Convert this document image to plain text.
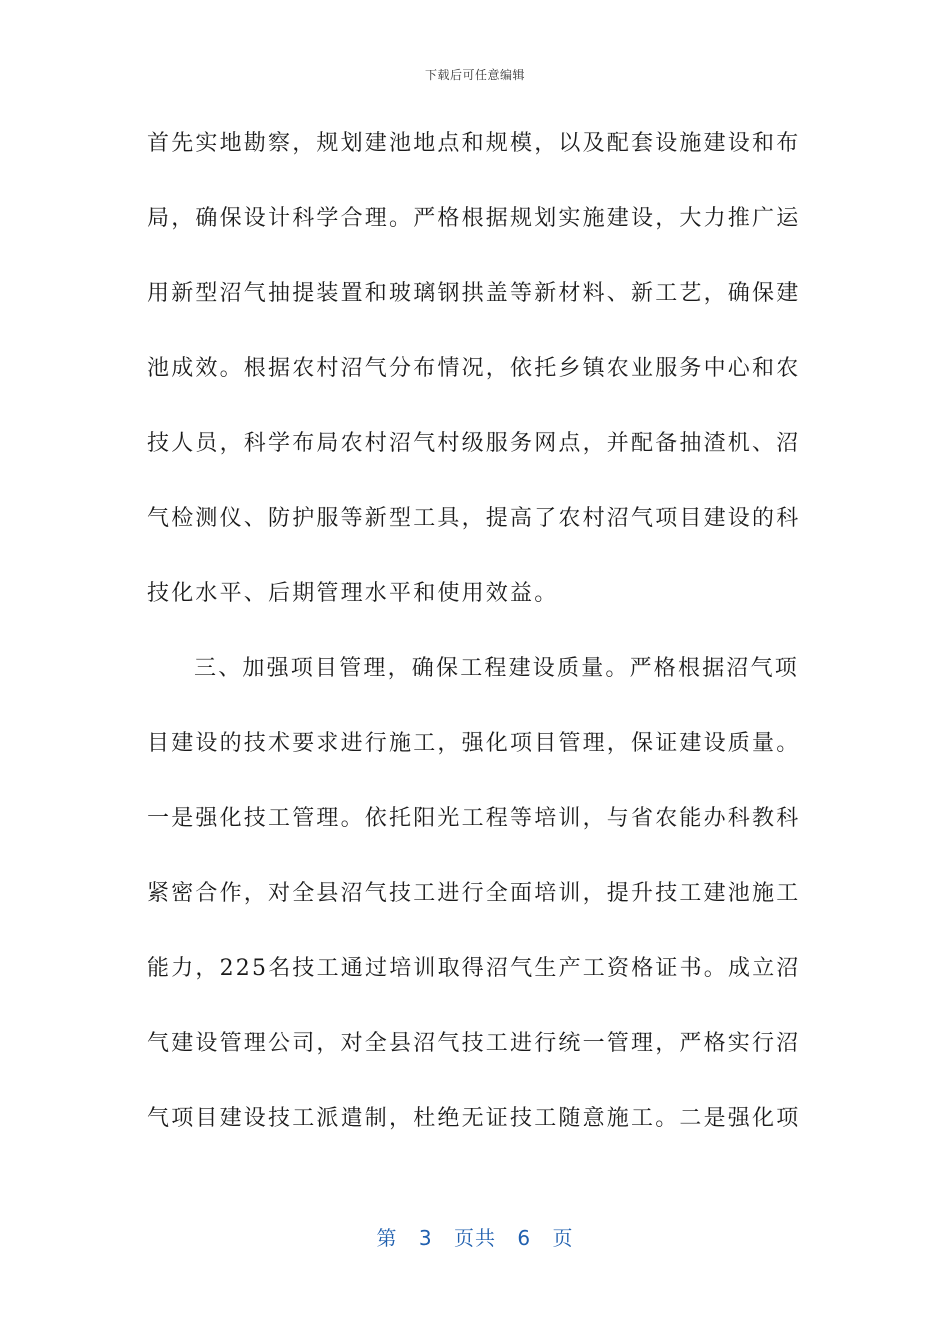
下载后可任意编辑
首先实地勘察，规划建池地点和规模，以及配套设施建设和布
局，确保设计科学合理。严格根据规划实施建设，大力推广运
用新型沼气抽提装置和玻璃钢拱盖等新材料、新工艺，确保建
池成效。根据农村沼气分布情况，依托乡镇农业服务中心和农
技人员，科学布局农村沼气村级服务网点，并配备抽渣机、沼
气检测仪、防护服等新型工具，提高了农村沼气项目建设的科
技化水平、后期管理水平和使用效益。
三、加强项目管理，确保工程建设质量。严格根据沼气项
目建设的技术要求进行施工，强化项目管理，保证建设质量。
一是强化技工管理。依托阳光工程等培训，与省农能办科教科
紧密合作，对全县沼气技工进行全面培训，提升技工建池施工
能力，225名技工通过培训取得沼气生产工资格证书。成立沼
气建设管理公司，对全县沼气技工进行统一管理，严格实行沼
气项目建设技工派遣制，杜绝无证技工随意施工。二是强化项
第 3 页共 6 页
